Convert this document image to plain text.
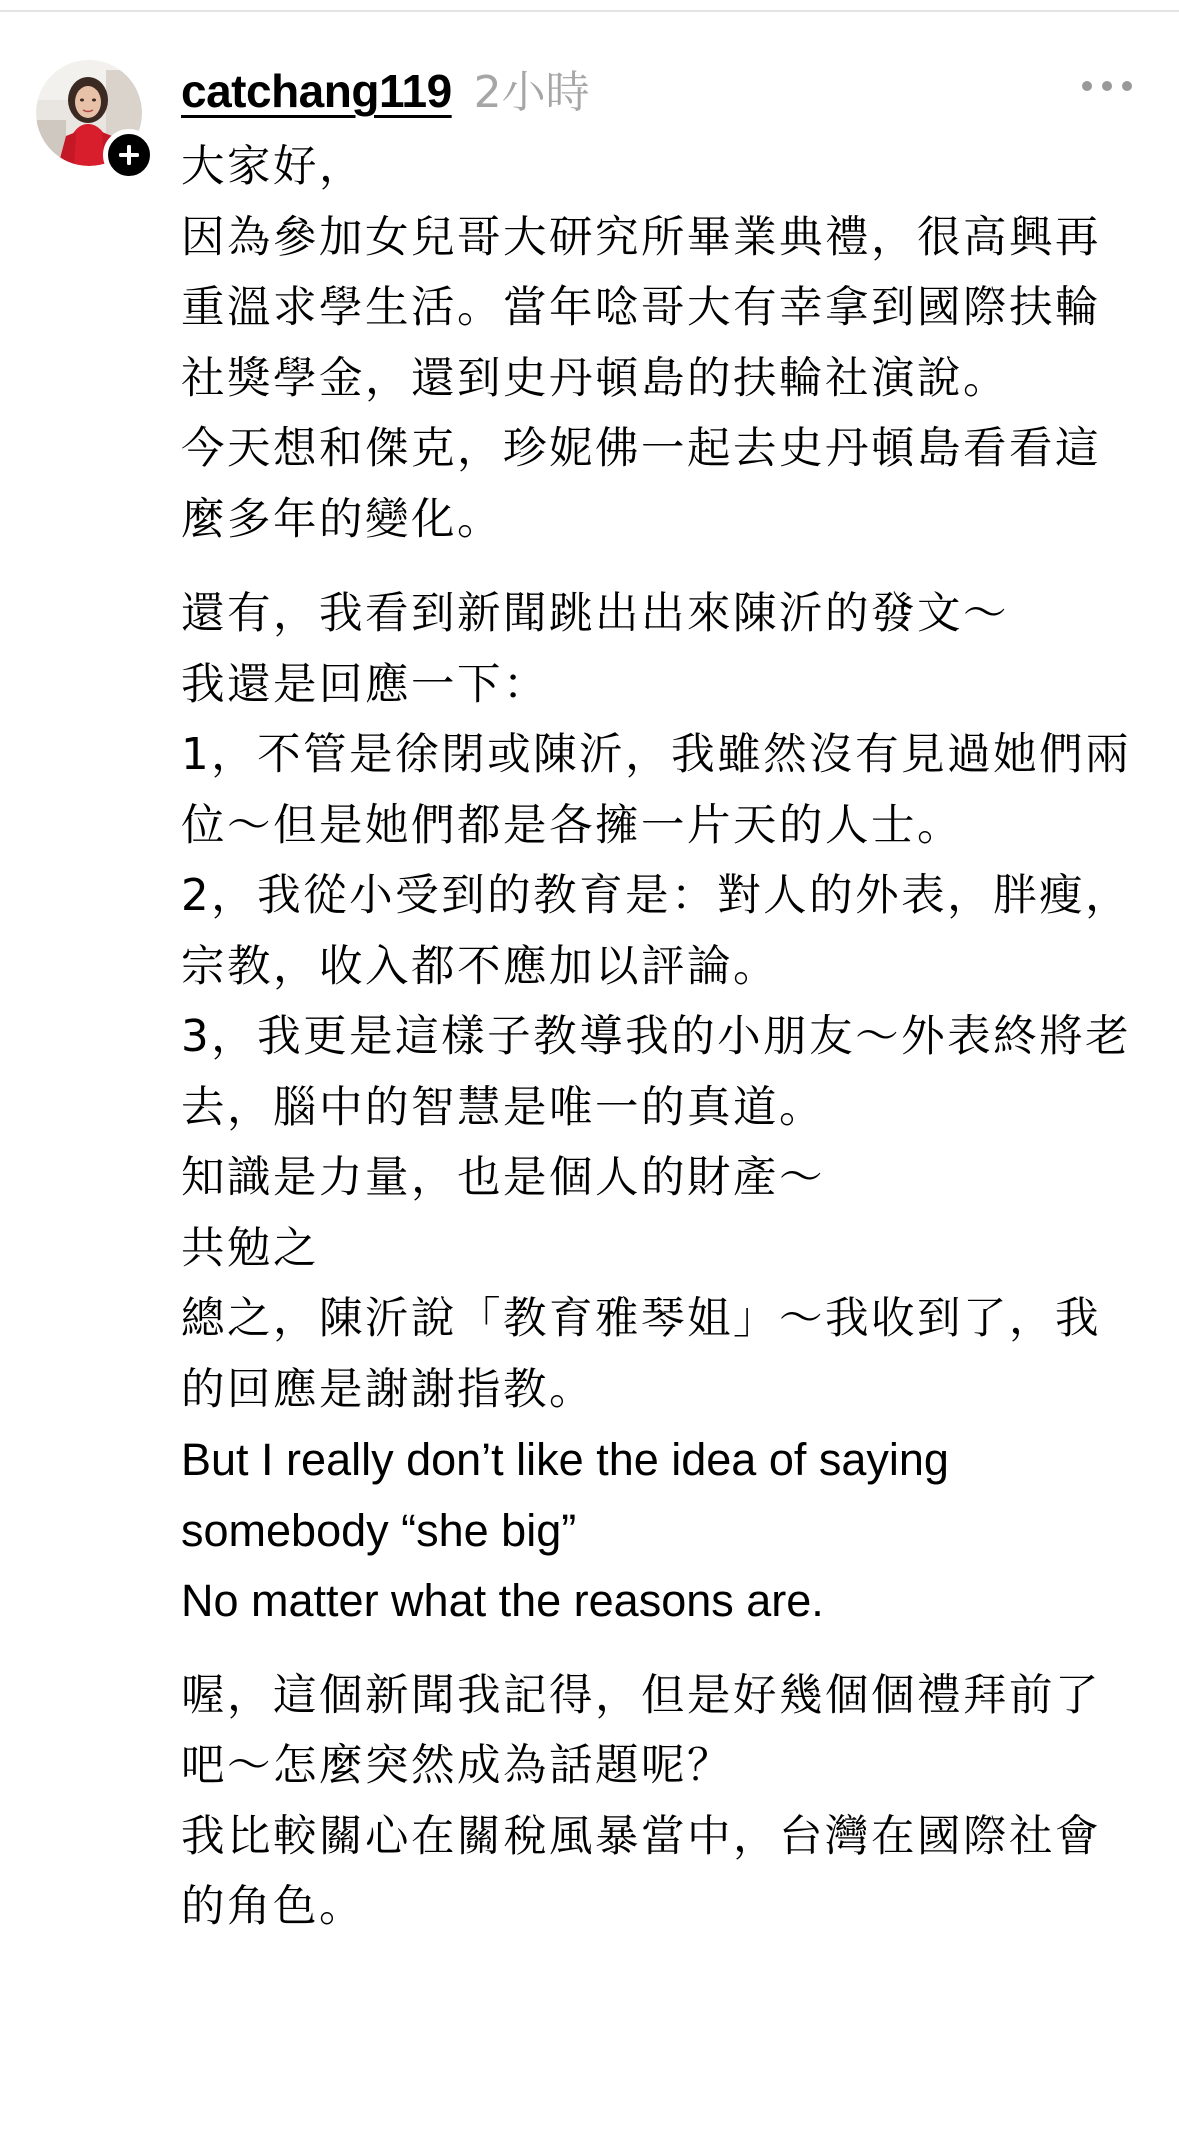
catchang119 2小時

大家好，

因為參加女兒哥大研究所畢業典禮，很高興再重溫求學生活。當年唸哥大有幸拿到國際扶輪社獎學金，還到史丹頓島的扶輪社演說。

今天想和傑克，珍妮佛一起去史丹頓島看看這麼多年的變化。

還有，我看到新聞跳出出來陳沂的發文～

我還是回應一下：

1，不管是徐閉或陳沂，我雖然沒有見過她們兩位～但是她們都是各擁一片天的人士。

2，我從小受到的教育是：對人的外表，胖瘦，宗教，收入都不應加以評論。

3，我更是這樣子教導我的小朋友～外表終將老去，腦中的智慧是唯一的真道。

知識是力量，也是個人的財產～

共勉之

總之，陳沂說「教育雅琴姐」～我收到了，我的回應是謝謝指教。

But I really don’t like the idea of saying somebody “she big”

No matter what the reasons are.

喔，這個新聞我記得，但是好幾個個禮拜前了吧～怎麼突然成為話題呢？

我比較關心在關稅風暴當中，台灣在國際社會的角色。
